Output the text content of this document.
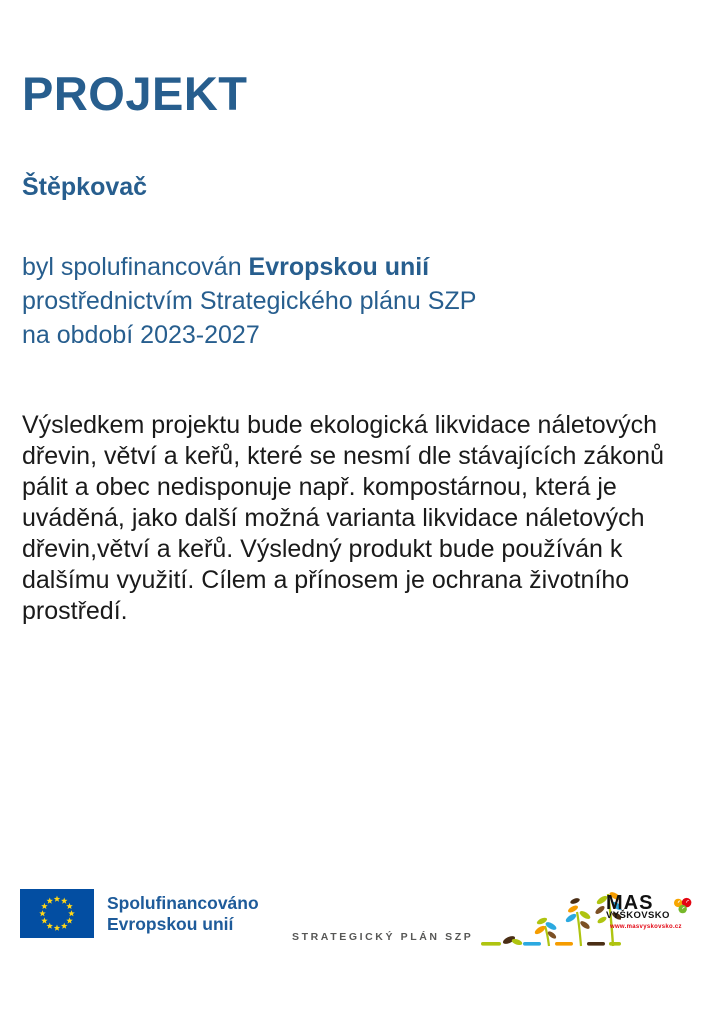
PROJEKT
Štěpkovač

byl spolufinancován Evropskou unií
prostřednictvím Strategického plánu SZP
na období 2023-2027

Výsledkem projektu bude ekologická likvidace náletových dřevin, větví a keřů, které se nesmí dle stávajících zákonů pálit a obec nedisponuje např. kompostárnou, která je uváděná, jako další možná varianta likvidace náletových dřevin,větví a keřů. Výsledný produkt bude používán k dalšímu využití. Cílem a přínosem je ochrana životního prostředí.

Spolufinancováno
Evropskou unií
STRATEGICKÝ PLÁN SZP
MAS
VYŠKOVSKO
www.masvyskovsko.cz
